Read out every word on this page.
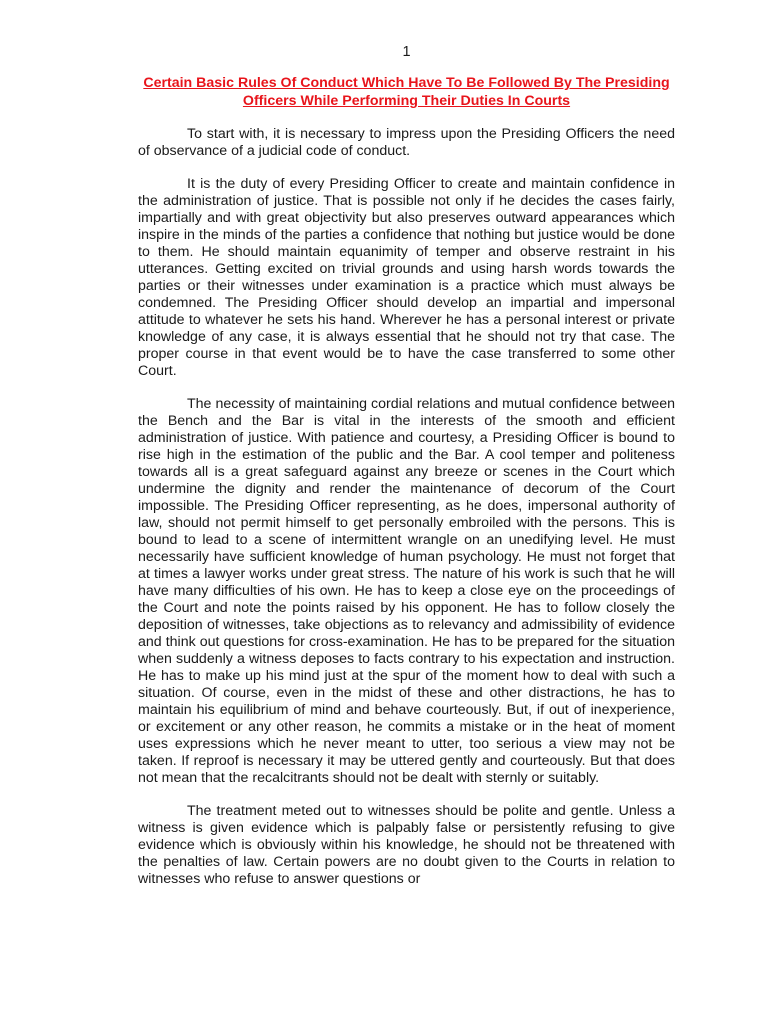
1
Certain Basic Rules Of Conduct Which Have To Be Followed By The Presiding Officers While Performing Their Duties In Courts

To start with, it is necessary to impress upon the Presiding Officers the need of observance of a judicial code of conduct.

It is the duty of every Presiding Officer to create and maintain confidence in the administration of justice. That is possible not only if he decides the cases fairly, impartially and with great objectivity but also preserves outward appearances which inspire in the minds of the parties a confidence that nothing but justice would be done to them. He should maintain equanimity of temper and observe restraint in his utterances. Getting excited on trivial grounds and using harsh words towards the parties or their witnesses under examination is a practice which must always be condemned. The Presiding Officer should develop an impartial and impersonal attitude to whatever he sets his hand. Wherever he has a personal interest or private knowledge of any case, it is always essential that he should not try that case. The proper course in that event would be to have the case transferred to some other Court.

The necessity of maintaining cordial relations and mutual confidence between the Bench and the Bar is vital in the interests of the smooth and efficient administration of justice. With patience and courtesy, a Presiding Officer is bound to rise high in the estimation of the public and the Bar. A cool temper and politeness towards all is a great safeguard against any breeze or scenes in the Court which undermine the dignity and render the maintenance of decorum of the Court impossible. The Presiding Officer representing, as he does, impersonal authority of law, should not permit himself to get personally embroiled with the persons. This is bound to lead to a scene of intermittent wrangle on an unedifying level. He must necessarily have sufficient knowledge of human psychology. He must not forget that at times a lawyer works under great stress. The nature of his work is such that he will have many difficulties of his own. He has to keep a close eye on the proceedings of the Court and note the points raised by his opponent. He has to follow closely the deposition of witnesses, take objections as to relevancy and admissibility of evidence and think out questions for cross-examination. He has to be prepared for the situation when suddenly a witness deposes to facts contrary to his expectation and instruction. He has to make up his mind just at the spur of the moment how to deal with such a situation. Of course, even in the midst of these and other distractions, he has to maintain his equilibrium of mind and behave courteously. But, if out of inexperience, or excitement or any other reason, he commits a mistake or in the heat of moment uses expressions which he never meant to utter, too serious a view may not be taken. If reproof is necessary it may be uttered gently and courteously. But that does not mean that the recalcitrants should not be dealt with sternly or suitably.

The treatment meted out to witnesses should be polite and gentle. Unless a witness is given evidence which is palpably false or persistently refusing to give evidence which is obviously within his knowledge, he should not be threatened with the penalties of law. Certain powers are no doubt given to the Courts in relation to witnesses who refuse to answer questions or
